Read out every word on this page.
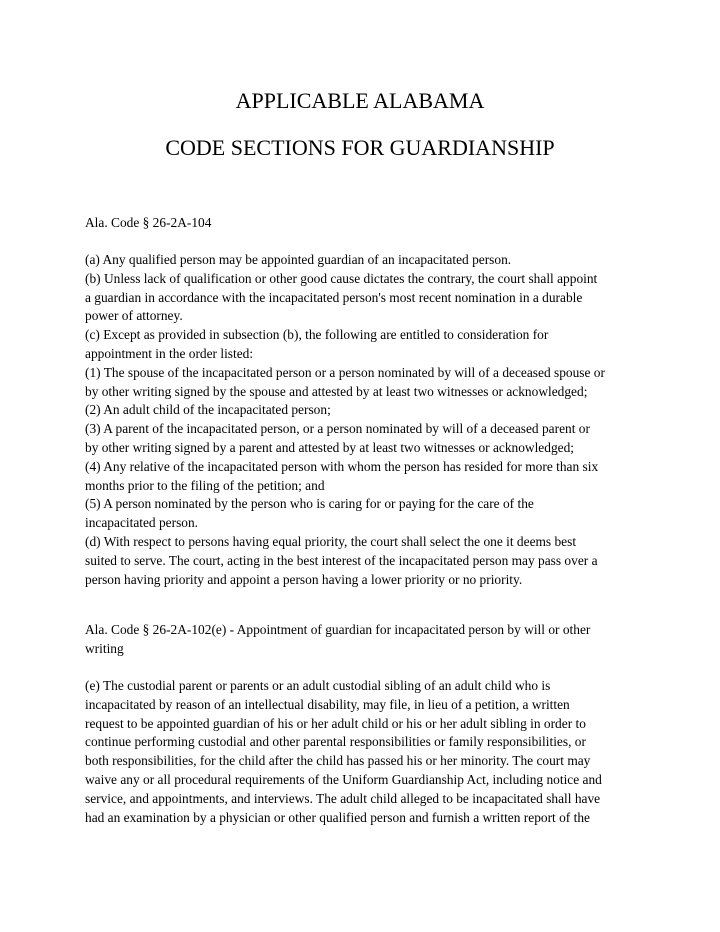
APPLICABLE ALABAMA
CODE SECTIONS FOR GUARDIANSHIP
Ala. Code § 26-2A-104
(a) Any qualified person may be appointed guardian of an incapacitated person.
(b) Unless lack of qualification or other good cause dictates the contrary, the court shall appoint
a guardian in accordance with the incapacitated person's most recent nomination in a durable
power of attorney.
(c) Except as provided in subsection (b), the following are entitled to consideration for
appointment in the order listed:
(1) The spouse of the incapacitated person or a person nominated by will of a deceased spouse or
by other writing signed by the spouse and attested by at least two witnesses or acknowledged;
(2) An adult child of the incapacitated person;
(3) A parent of the incapacitated person, or a person nominated by will of a deceased parent or
by other writing signed by a parent and attested by at least two witnesses or acknowledged;
(4) Any relative of the incapacitated person with whom the person has resided for more than six
months prior to the filing of the petition; and
(5) A person nominated by the person who is caring for or paying for the care of the
incapacitated person.
(d) With respect to persons having equal priority, the court shall select the one it deems best
suited to serve. The court, acting in the best interest of the incapacitated person may pass over a
person having priority and appoint a person having a lower priority or no priority.
Ala. Code § 26-2A-102(e) - Appointment of guardian for incapacitated person by will or other
writing
(e) The custodial parent or parents or an adult custodial sibling of an adult child who is
incapacitated by reason of an intellectual disability, may file, in lieu of a petition, a written
request to be appointed guardian of his or her adult child or his or her adult sibling in order to
continue performing custodial and other parental responsibilities or family responsibilities, or
both responsibilities, for the child after the child has passed his or her minority. The court may
waive any or all procedural requirements of the Uniform Guardianship Act, including notice and
service, and appointments, and interviews. The adult child alleged to be incapacitated shall have
had an examination by a physician or other qualified person and furnish a written report of the
